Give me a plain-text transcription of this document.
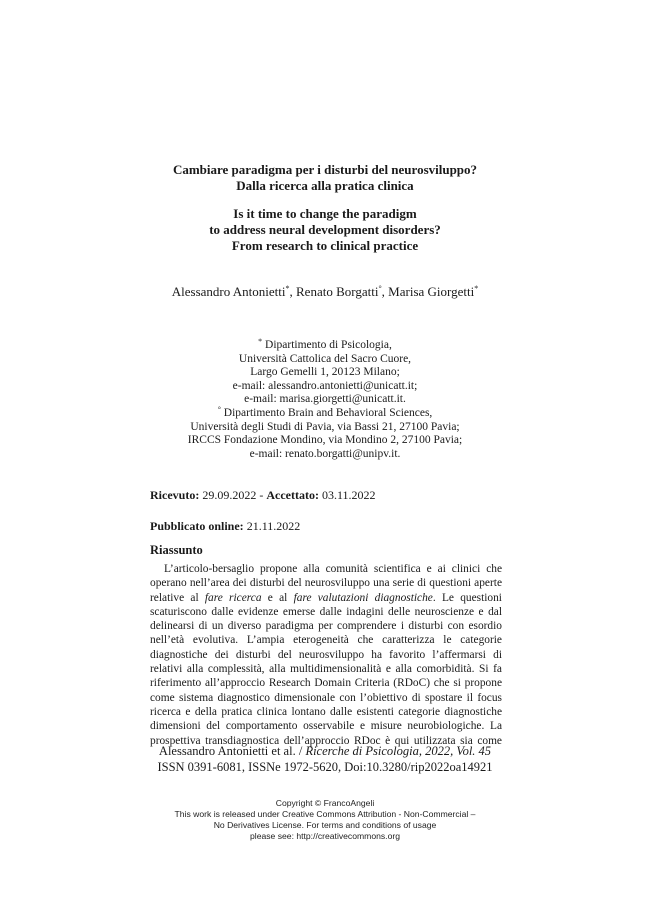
Cambiare paradigma per i disturbi del neurosviluppo?
Dalla ricerca alla pratica clinica
Is it time to change the paradigm
to address neural development disorders?
From research to clinical practice
Alessandro Antonietti*, Renato Borgatti°, Marisa Giorgetti*
* Dipartimento di Psicologia,
Università Cattolica del Sacro Cuore,
Largo Gemelli 1, 20123 Milano;
e-mail: alessandro.antonietti@unicatt.it;
e-mail: marisa.giorgetti@unicatt.it.
° Dipartimento Brain and Behavioral Sciences,
Università degli Studi di Pavia, via Bassi 21, 27100 Pavia;
IRCCS Fondazione Mondino, via Mondino 2, 27100 Pavia;
e-mail: renato.borgatti@unipv.it.
Ricevuto: 29.09.2022 - Accettato: 03.11.2022
Pubblicato online: 21.11.2022
Riassunto
L’articolo-bersaglio propone alla comunità scientifica e ai clinici che
operano nell’area dei disturbi del neurosviluppo una serie di questioni aperte
relative al fare ricerca e al fare valutazioni diagnostiche. Le questioni
scaturiscono dalle evidenze emerse dalle indagini delle neuroscienze e dal
delinearsi di un diverso paradigma per comprendere i disturbi con esordio
nell’età evolutiva. L’ampia eterogeneità che caratterizza le categorie
diagnostiche dei disturbi del neurosviluppo ha favorito l’affermarsi di
relativi alla complessità, alla multidimensionalità e alla comorbidità. Si fa
riferimento all’approccio Research Domain Criteria (RDoC) che si propone
come sistema diagnostico dimensionale con l’obiettivo di spostare il focus
ricerca e della pratica clinica lontano dalle esistenti categorie diagnostiche
dimensioni del comportamento osservabile e misure neurobiologiche. La
prospettiva transdiagnostica dell’approccio RDoc è qui utilizzata sia come
Alessandro Antonietti et al. / Ricerche di Psicologia, 2022, Vol. 45
ISSN 0391-6081, ISSNe 1972-5620, Doi:10.3280/rip2022oa14921
Copyright © FrancoAngeli
This work is released under Creative Commons Attribution - Non-Commercial –
No Derivatives License. For terms and conditions of usage
please see: http://creativecommons.org
